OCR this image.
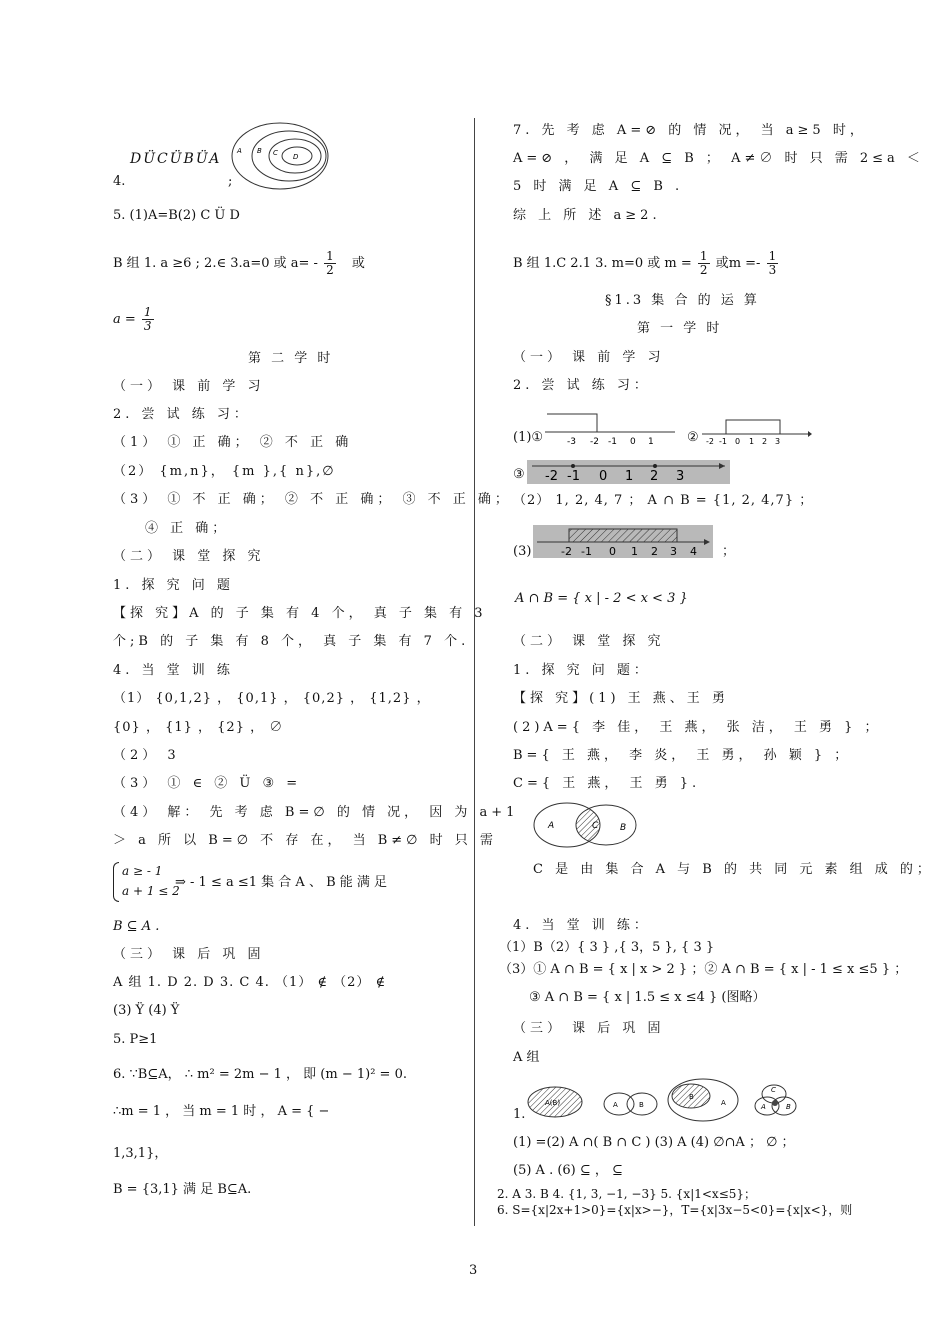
DÜCÜBÜA A B C D
4.	;
5. (1)A=B(2) C Ü D
B 组 1. a ≥6 ; 2.∈ 3.a=0 或 $a= - \frac{1}{2}$ 或
$a = \frac{1}{3}$
第 二 学 时
（一） 课 前 学 习
2. 尝 试 练 习：
（1） ① 正 确； ② 不 正 确
（2） {m,n}， {m },{ n},∅
（3） ① 不 正 确； ② 不 正 确； ③ 不 正 确；
④ 正 确；
（二） 课 堂 探 究
1. 探 究 问 题
【探 究】A 的 子 集 有 4 个， 真 子 集 有 3
个;B 的 子 集 有 8 个， 真 子 集 有 7 个.
4. 当 堂 训 练
（1） {0,1,2} ， {0,1} ， {0,2} ， {1,2} ，
{0} ， {1} ， {2} ， ∅
（2） 3
（3） ① ∈ ② Ü ③ =
（4） 解： 先 考 虑 B=∅ 的 情 况， 因 为 a+1
＞ a 所 以 B=∅ 不 存 在， 当 B≠∅ 时 只 需
a ≥ - 1
a + 1 ≤ 2
⇒ - 1 ≤ a ≤1 集 合 A 、 B 能 满 足
B ⊆ A .
（三） 课 后 巩 固
A 组 1. D 2. D 3. C 4. （1） ∉ （2） ∉
(3) Ÿ (4) Ÿ
5. P≥1
6. ∵B⊆A， ∴ m² = 2m − 1 ， 即 (m − 1)² = 0.
∴m = 1 ， 当 m = 1 时 ， A = { −
1,3,1}，
B = {3,1} 满 足 B⊆A.
7. 先 考 虑 A=⊘ 的 情 况， 当 a≥5 时，
A=⊘ ， 满 足 A ⊆ B ； A≠∅ 时 只 需 2≤a ＜
5 时 满 足 A ⊆ B .
综 上 所 述 a≥2.
B 组 1.C 2.1 3. m=0 或 $m = \frac{1}{2}$ 或$m =- \frac{1}{3}$
§1.3 集 合 的 运 算
第 一 学 时
（一） 课 前 学 习
2. 尝 试 练 习：
(1)①	-3 -2 -1 0 1	② -2 -1 0 1 2 3
③ -2 -1 0 1 2 3
（2） 1, 2, 4, 7 ； A ∩ B = {1, 2, 4,7} ；
(3)	-2 -1 0 1 2 3 4 ；
A ∩ B = { x | - 2 < x < 3 }
（二） 课 堂 探 究
1. 探 究 问 题：
【探 究】(1) 王 燕、王 勇
(2)A={ 李 佳， 王 燕， 张 洁， 王 勇 } ；
B={ 王 燕， 李 炎， 王 勇， 孙 颖 } ；
C={ 王 燕， 王 勇 }.
A	C B
C 是 由 集 合 A 与 B 的 共 同 元 素 组 成 的；
4. 当 堂 训 练：
（1）B（2）{ 3 } ,{ 3，5 }, { 3 }
（3）① A ∩ B = { x | x > 2 } ；② A ∩ B = { x | - 1 ≤ x ≤5 } ；
③ A ∩ B = { x | 1.5 ≤ x ≤4 } (图略）
（三） 课 后 巩 固
A 组
1.
A(B)	A	B	A
B
C
A	B
(1) =(2) A ∩( B ∩ C ) (3) A (4) ∅∩A ； ∅ ；
(5) A . (6) ⊆ ， ⊆
2. A 3. B 4. {1, 3, −1, −3} 5. {x|1<x≤5}；
6. S={x|2x+1>0}={x|x>−}，T={x|3x−5<0}={x|x<}，则
3
